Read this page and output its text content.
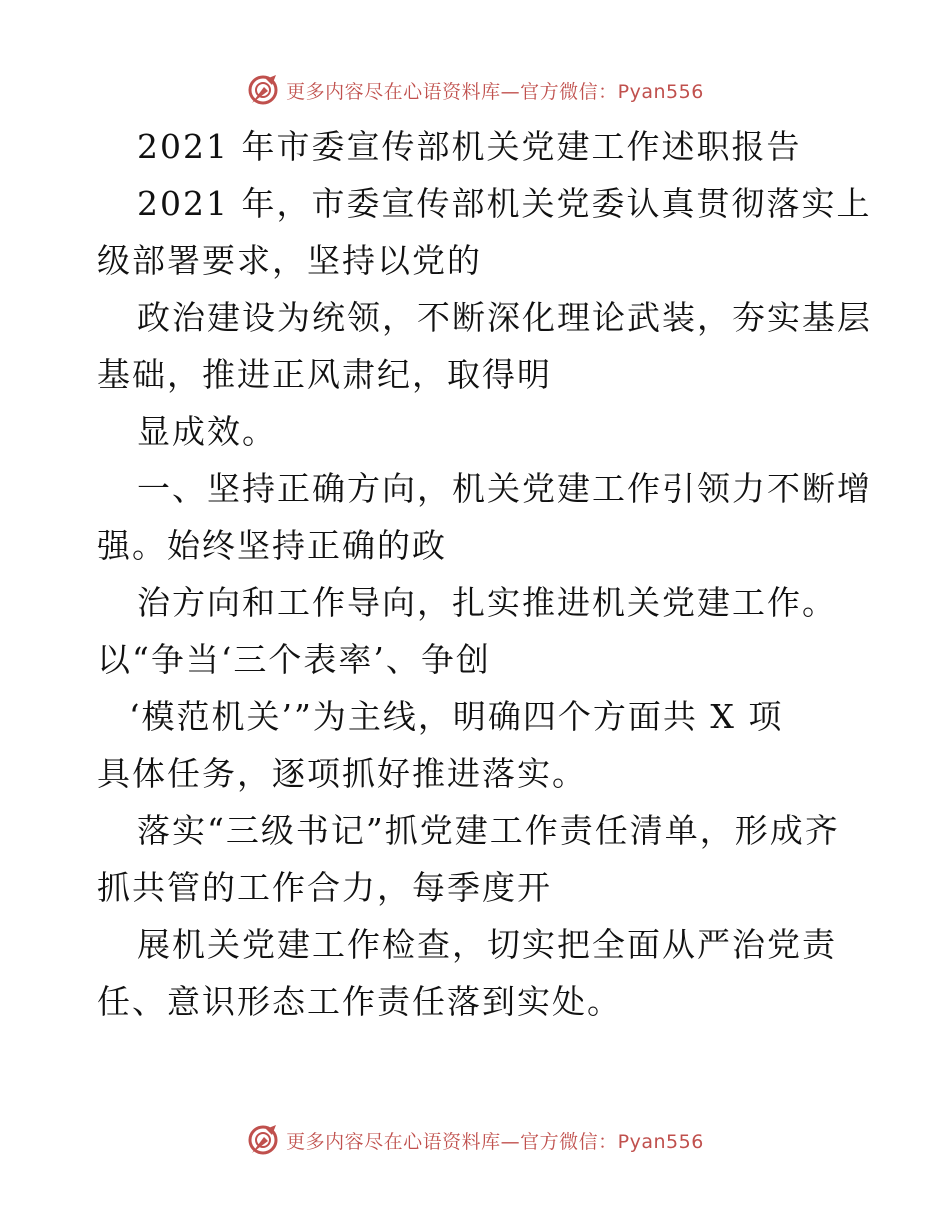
更多内容尽在心语资料库—官方微信：Pyan556
2021 年市委宣传部机关党建工作述职报告
2021 年，市委宣传部机关党委认真贯彻落实上
级部署要求，坚持以党的
政治建设为统领，不断深化理论武装，夯实基层
基础，推进正风肃纪，取得明
显成效。
一、坚持正确方向，机关党建工作引领力不断增
强。始终坚持正确的政
治方向和工作导向，扎实推进机关党建工作。
以“争当‘三个表率’、争创
‘模范机关’”为主线，明确四个方面共 X 项
具体任务，逐项抓好推进落实。
落实“三级书记”抓党建工作责任清单，形成齐
抓共管的工作合力，每季度开
展机关党建工作检查，切实把全面从严治党责
任、意识形态工作责任落到实处。
更多内容尽在心语资料库—官方微信：Pyan556
